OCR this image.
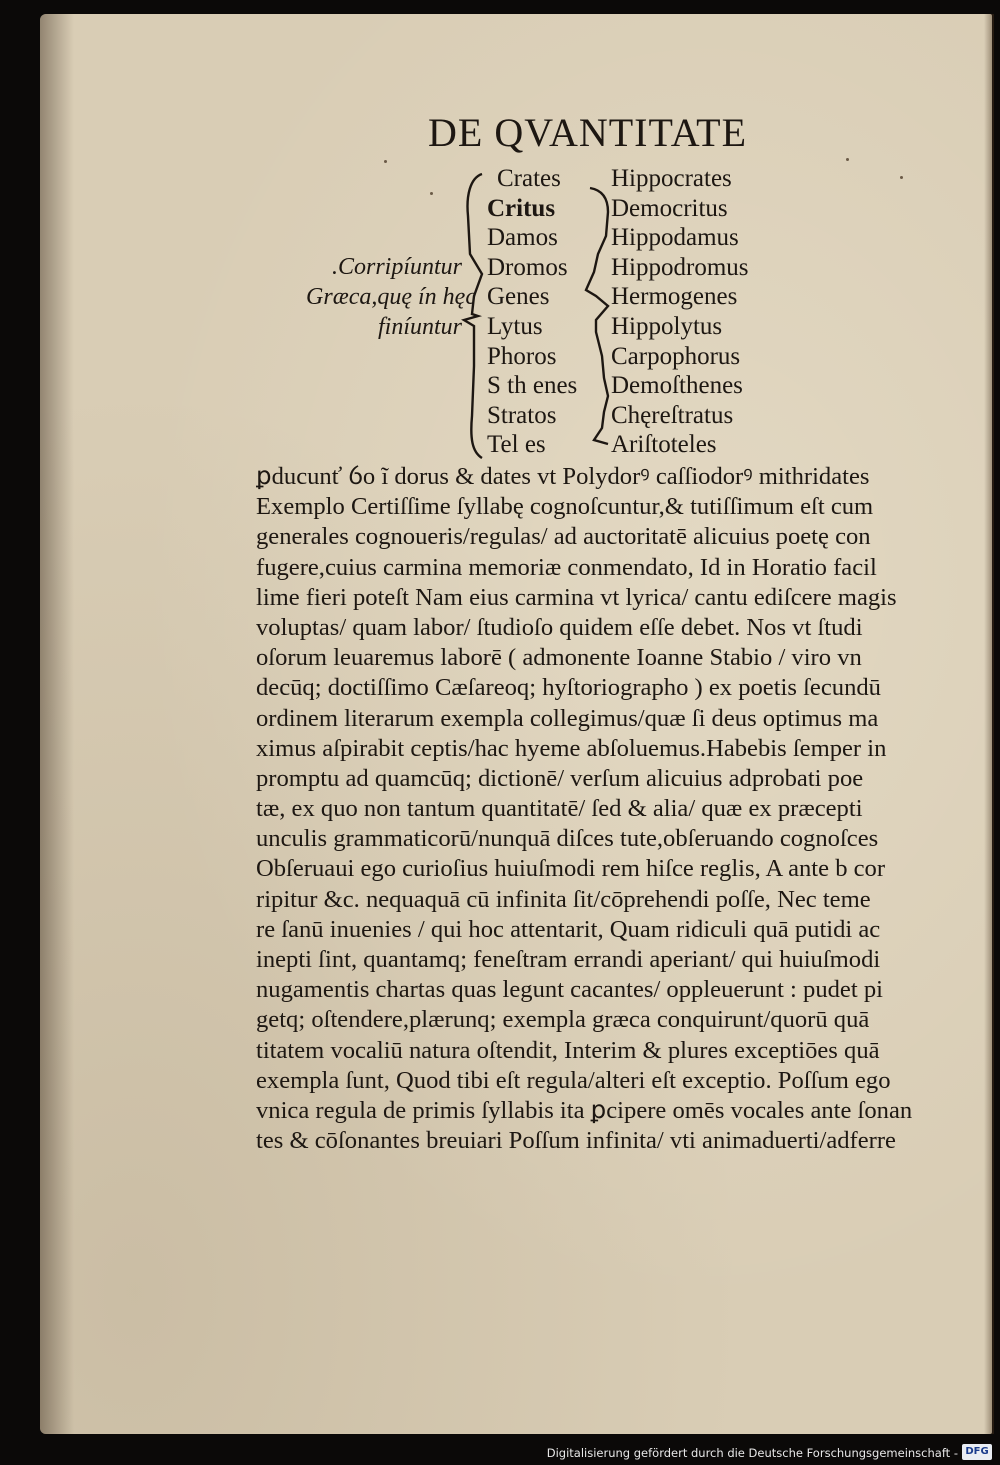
DE QVANTITATE
.Corripíuntur
Græca,quę ín hęc
finíuntur
Crates
Critus
Damos
Dromos
Genes
Lytus
Phoros
S th enes
Stratos
Tel es
Hippocrates
Democritus
Hippodamus
Hippodromus
Hermogenes
Hippolytus
Carpophorus
Demoſthenes
Chęreſtratus
Ariſtoteles
ꝑducunť ỽo ĩ dorus & dates vt Polydorꝰ caſſiodorꝰ mithridates
Exemplo Certiſſime ſyllabę cognoſcuntur,& tutiſſimum eſt cum
generales cognoueris/regulas/ ad auctoritatē alicuius poetę con
fugere,cuius carmina memoriæ conmendato, Id in Horatio facil
lime fieri poteſt Nam eius carmina vt lyrica/ cantu ediſcere magis
voluptas/ quam labor/ ſtudioſo quidem eſſe debet. Nos vt ſtudi
oſorum leuaremus laborē ( admonente Ioanne Stabio / viro vn
decūq; doctiſſimo Cæſareoq; hyſtoriographo ) ex poetis ſecundū
ordinem literarum exempla collegimus/quæ ſi deus optimus ma
ximus aſpirabit ceptis/hac hyeme abſoluemus.Habebis ſemper in
promptu ad quamcūq; dictionē/ verſum alicuius adprobati poe
tæ, ex quo non tantum quantitatē/ ſed & alia/ quæ ex præcepti
unculis grammaticorū/nunquā diſces tute,obſeruando cognoſces
Obſeruaui ego curioſius huiuſmodi rem hiſce reglis, A ante b cor
ripitur &c. nequaquā cū infinita ſit/cōprehendi poſſe, Nec teme
re ſanū inuenies / qui hoc attentarit, Quam ridiculi quā putidi ac
inepti ſint, quantamq; feneſtram errandi aperiant/ qui huiuſmodi
nugamentis chartas quas legunt cacantes/ oppleuerunt : pudet pi
getq; oſtendere,plærunq; exempla græca conquirunt/quorū quā
titatem vocaliū natura oſtendit, Interim & plures exceptiōes quā
exempla ſunt, Quod tibi eſt regula/alteri eſt exceptio. Poſſum ego
vnica regula de primis ſyllabis ita ꝑcipere omēs vocales ante ſonan
tes & cōſonantes breuiari Poſſum infinita/ vti animaduerti/adferre
Digitalisierung gefördert durch die Deutsche Forschungsgemeinschaft - DFG
